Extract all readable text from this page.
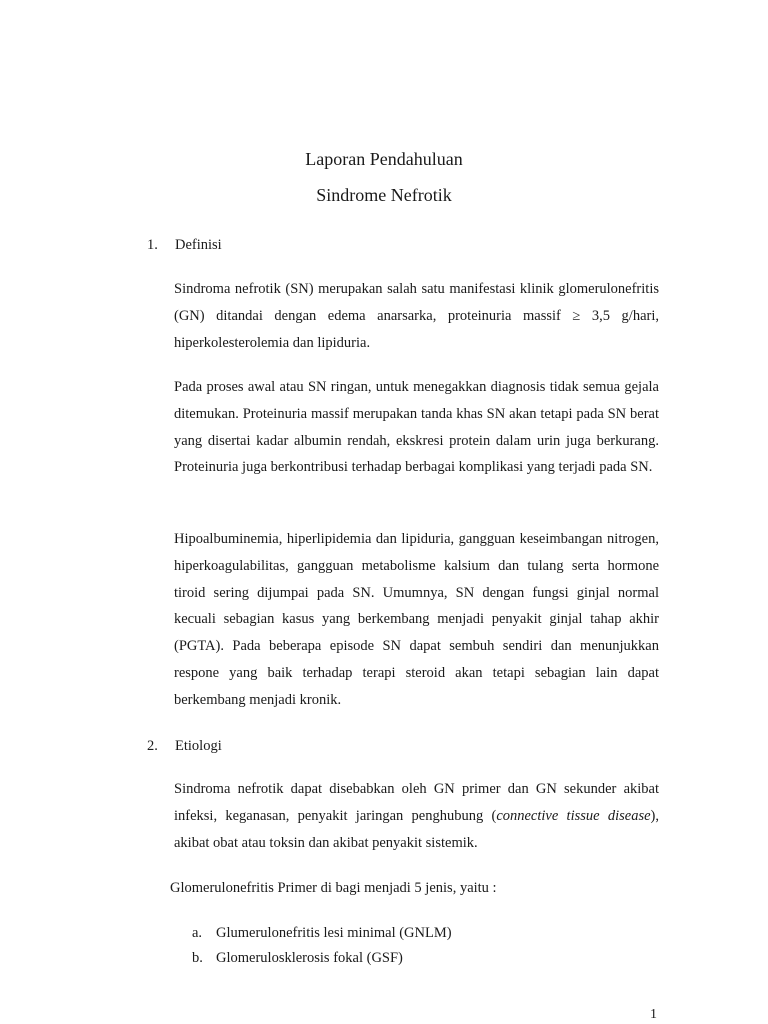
Laporan Pendahuluan
Sindrome Nefrotik
1. Definisi

Sindroma nefrotik (SN) merupakan salah satu manifestasi klinik glomerulonefritis (GN) ditandai dengan edema anarsarka, proteinuria massif ≥ 3,5 g/hari, hiperkolesterolemia dan lipiduria.

Pada proses awal atau SN ringan, untuk menegakkan diagnosis tidak semua gejala ditemukan. Proteinuria massif merupakan tanda khas SN akan tetapi pada SN berat yang disertai kadar albumin rendah, ekskresi protein dalam urin juga berkurang. Proteinuria juga berkontribusi terhadap berbagai komplikasi yang terjadi pada SN.

Hipoalbuminemia, hiperlipidemia dan lipiduria, gangguan keseimbangan nitrogen, hiperkoagulabilitas, gangguan metabolisme kalsium dan tulang serta hormone tiroid sering dijumpai pada SN. Umumnya, SN dengan fungsi ginjal normal kecuali sebagian kasus yang berkembang menjadi penyakit ginjal tahap akhir (PGTA). Pada beberapa episode SN dapat sembuh sendiri dan menunjukkan respone yang baik terhadap terapi steroid akan tetapi sebagian lain dapat berkembang menjadi kronik.

2. Etiologi

Sindroma nefrotik dapat disebabkan oleh GN primer dan GN sekunder akibat infeksi, keganasan, penyakit jaringan penghubung (connective tissue disease), akibat obat atau toksin dan akibat penyakit sistemik.

Glomerulonefritis Primer di bagi menjadi 5 jenis, yaitu :

a. Glumerulonefritis lesi minimal (GNLM)
b. Glomerulosklerosis fokal (GSF)
1
